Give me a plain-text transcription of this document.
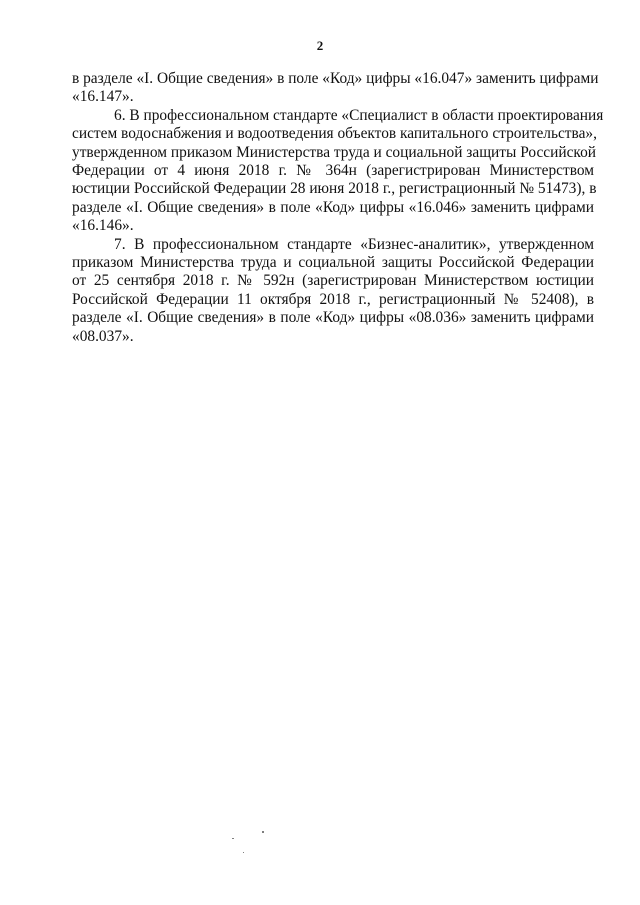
2

в разделе «I. Общие сведения» в поле «Код» цифры «16.047» заменить цифрами
«16.147».

6. В профессиональном стандарте «Специалист в области проектирования
систем водоснабжения и водоотведения объектов капитального строительства»,
утвержденном приказом Министерства труда и социальной защиты Российской
Федерации от 4 июня 2018 г. № 364н (зарегистрирован Министерством
юстиции Российской Федерации 28 июня 2018 г., регистрационный № 51473), в
разделе «I. Общие сведения» в поле «Код» цифры «16.046» заменить цифрами
«16.146».

7. В профессиональном стандарте «Бизнес-аналитик», утвержденном
приказом Министерства труда и социальной защиты Российской Федерации
от 25 сентября 2018 г. № 592н (зарегистрирован Министерством юстиции
Российской Федерации 11 октября 2018 г., регистрационный № 52408), в
разделе «I. Общие сведения» в поле «Код» цифры «08.036» заменить цифрами
«08.037».
